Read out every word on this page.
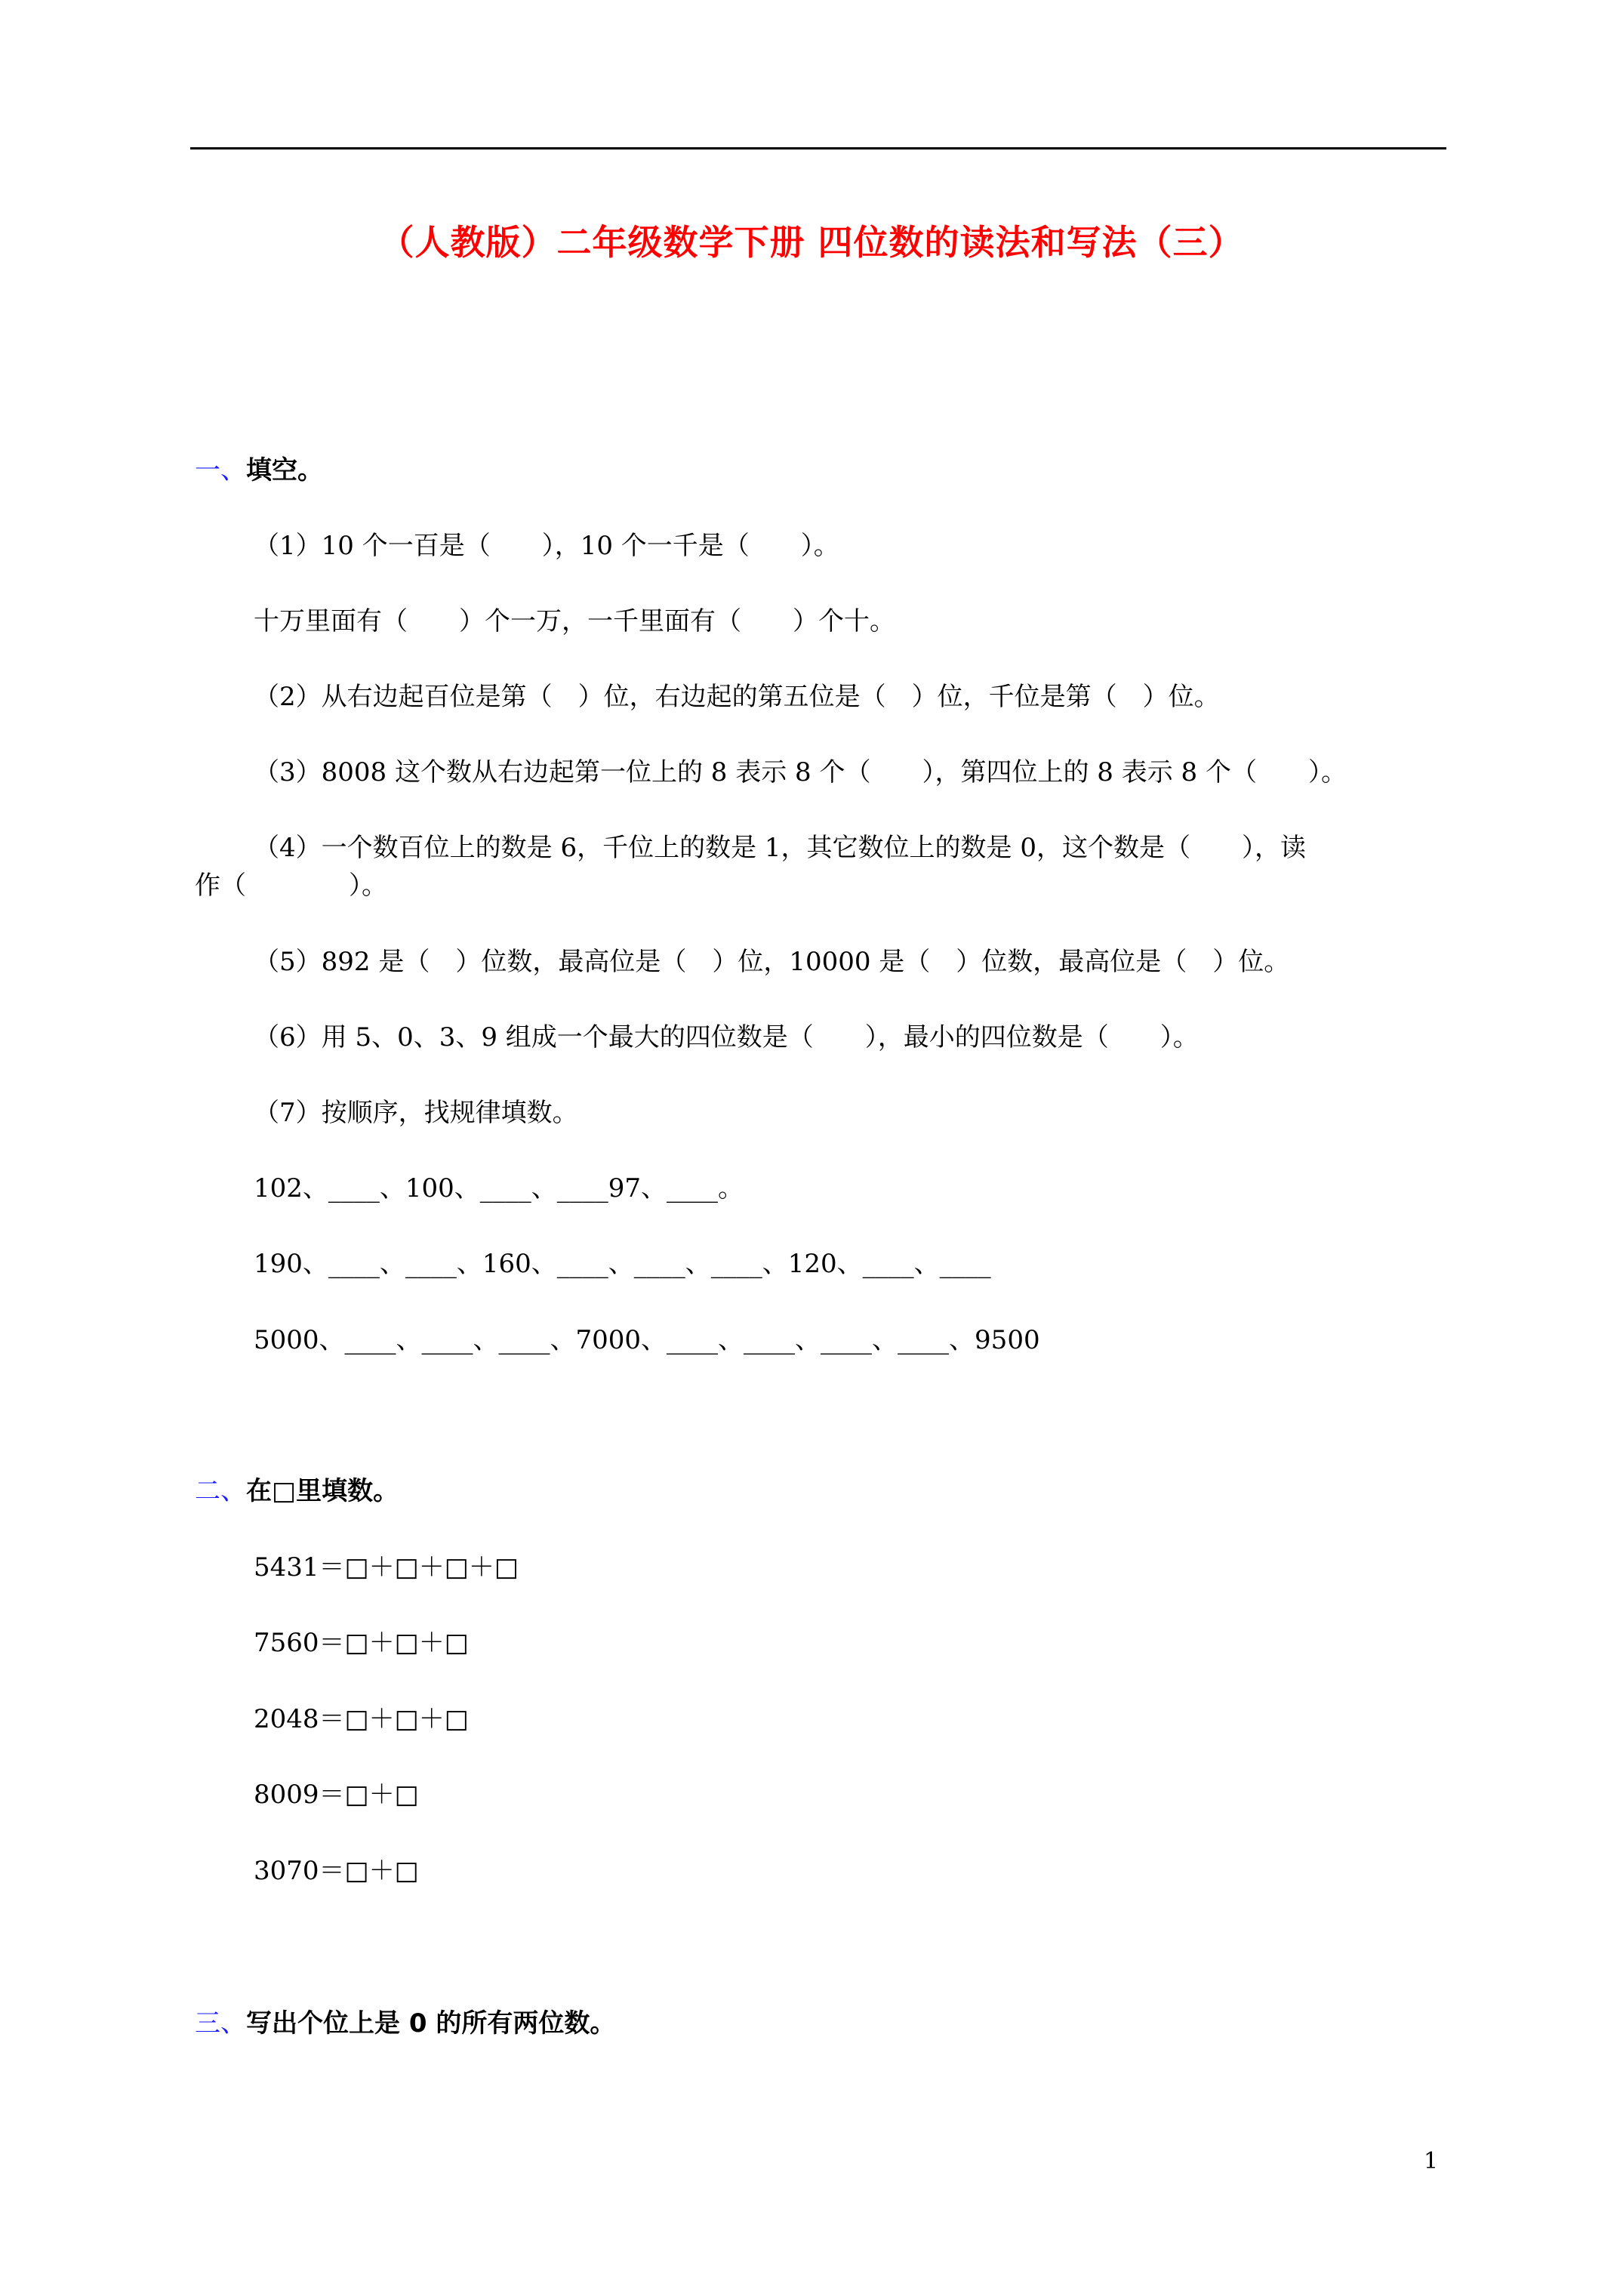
（人教版）二年级数学下册 四位数的读法和写法（三）
一、填空。
（1）10 个一百是（　　），10 个一千是（　　）。
十万里面有（　　）个一万，一千里面有（　　）个十。
（2）从右边起百位是第（　）位，右边起的第五位是（　）位，千位是第（　）位。
（3）8008 这个数从右边起第一位上的 8 表示 8 个（　　），第四位上的 8 表示 8 个（　　）。
（4）一个数百位上的数是 6，千位上的数是 1，其它数位上的数是 0，这个数是（　　），读
作（　　　　）。
（5）892 是（　）位数，最高位是（　）位，10000 是（　）位数，最高位是（　）位。
（6）用 5、0、3、9 组成一个最大的四位数是（　　），最小的四位数是（　　）。
（7）按顺序，找规律填数。
102、____、100、____、____97、____。
190、____、____、160、____、____、____、120、____、____
5000、____、____、____、7000、____、____、____、____、9500
二、在□里填数。
5431＝□＋□＋□＋□
7560＝□＋□＋□
2048＝□＋□＋□
8009＝□＋□
3070＝□＋□
三、写出个位上是 0 的所有两位数。
1
